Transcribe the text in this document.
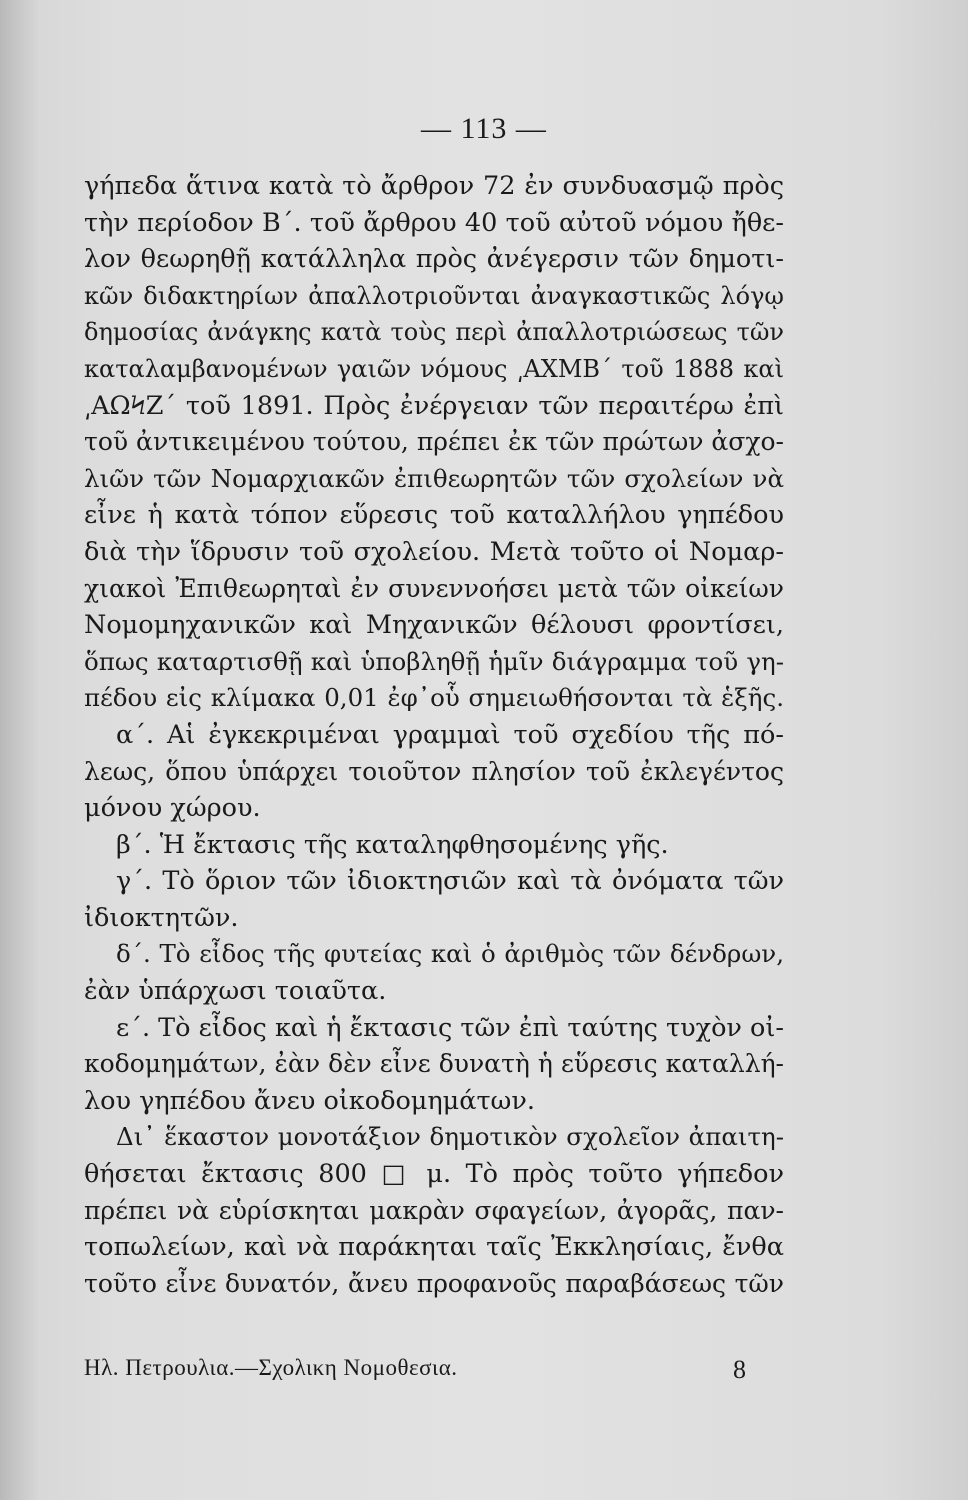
— 113 —
γήπεδα ἅτινα κατὰ τὸ ἄρθρον 72 ἐν συνδυασμῷ πρὸς
τὴν περίοδον Β΄. τοῦ ἄρθρου 40 τοῦ αὐτοῦ νόμου ἤθε-
λον θεωρηθῇ κατάλληλα πρὸς ἀνέγερσιν τῶν δημοτι-
κῶν διδακτηρίων ἀπαλλοτριοῦνται ἀναγκαστικῶς λόγῳ
δημοσίας ἀνάγκης κατὰ τοὺς περὶ ἀπαλλοτριώσεως τῶν
καταλαμβανομένων γαιῶν νόμους ͵ΑΧΜΒ΄ τοῦ 1888 καὶ
͵ΑΩϞΖ΄ τοῦ 1891. Πρὸς ἐνέργειαν τῶν περαιτέρω ἐπὶ
τοῦ ἀντικειμένου τούτου, πρέπει ἐκ τῶν πρώτων ἀσχο-
λιῶν τῶν Νομαρχιακῶν ἐπιθεωρητῶν τῶν σχολείων νὰ
εἶνε ἡ κατὰ τόπον εὕρεσις τοῦ καταλλήλου γηπέδου
διὰ τὴν ἵδρυσιν τοῦ σχολείου. Μετὰ τοῦτο οἱ Νομαρ-
χιακοὶ Ἐπιθεωρηταὶ ἐν συνεννοήσει μετὰ τῶν οἰκείων
Νομομηχανικῶν καὶ Μηχανικῶν θέλουσι φροντίσει,
ὅπως καταρτισθῇ καὶ ὑποβληθῇ ἡμῖν διάγραμμα τοῦ γη-
πέδου εἰς κλίμακα 0,01 ἐφ᾽οὗ σημειωθήσονται τὰ ἑξῆς.
α΄. Αἱ ἐγκεκριμέναι γραμμαὶ τοῦ σχεδίου τῆς πό-
λεως, ὅπου ὑπάρχει τοιοῦτον πλησίον τοῦ ἐκλεγέντος
μόνου χώρου.
β΄. Ἡ ἔκτασις τῆς καταληφθησομένης γῆς.
γ΄. Τὸ ὅριον τῶν ἰδιοκτησιῶν καὶ τὰ ὀνόματα τῶν
ἰδιοκτητῶν.
δ΄. Τὸ εἶδος τῆς φυτείας καὶ ὁ ἀριθμὸς τῶν δένδρων,
ἐὰν ὑπάρχωσι τοιαῦτα.
ε΄. Τὸ εἶδος καὶ ἡ ἔκτασις τῶν ἐπὶ ταύτης τυχὸν οἰ-
κοδομημάτων, ἐὰν δὲν εἶνε δυνατὴ ἡ εὕρεσις καταλλή-
λου γηπέδου ἄνευ οἰκοδομημάτων.
Δι᾽ ἕκαστον μονοτάξιον δημοτικὸν σχολεῖον ἀπαιτη-
θήσεται ἔκτασις 800 □ μ. Τὸ πρὸς τοῦτο γήπεδον
πρέπει νὰ εὑρίσκηται μακρὰν σφαγείων, ἀγορᾶς, παν-
τοπωλείων, καὶ νὰ παράκηται ταῖς Ἐκκλησίαις, ἔνθα
τοῦτο εἶνε δυνατόν, ἄνευ προφανοῦς παραβάσεως τῶν
Ηλ. Πετρουλια.—Σχολικη Νομοθεσια.	8
